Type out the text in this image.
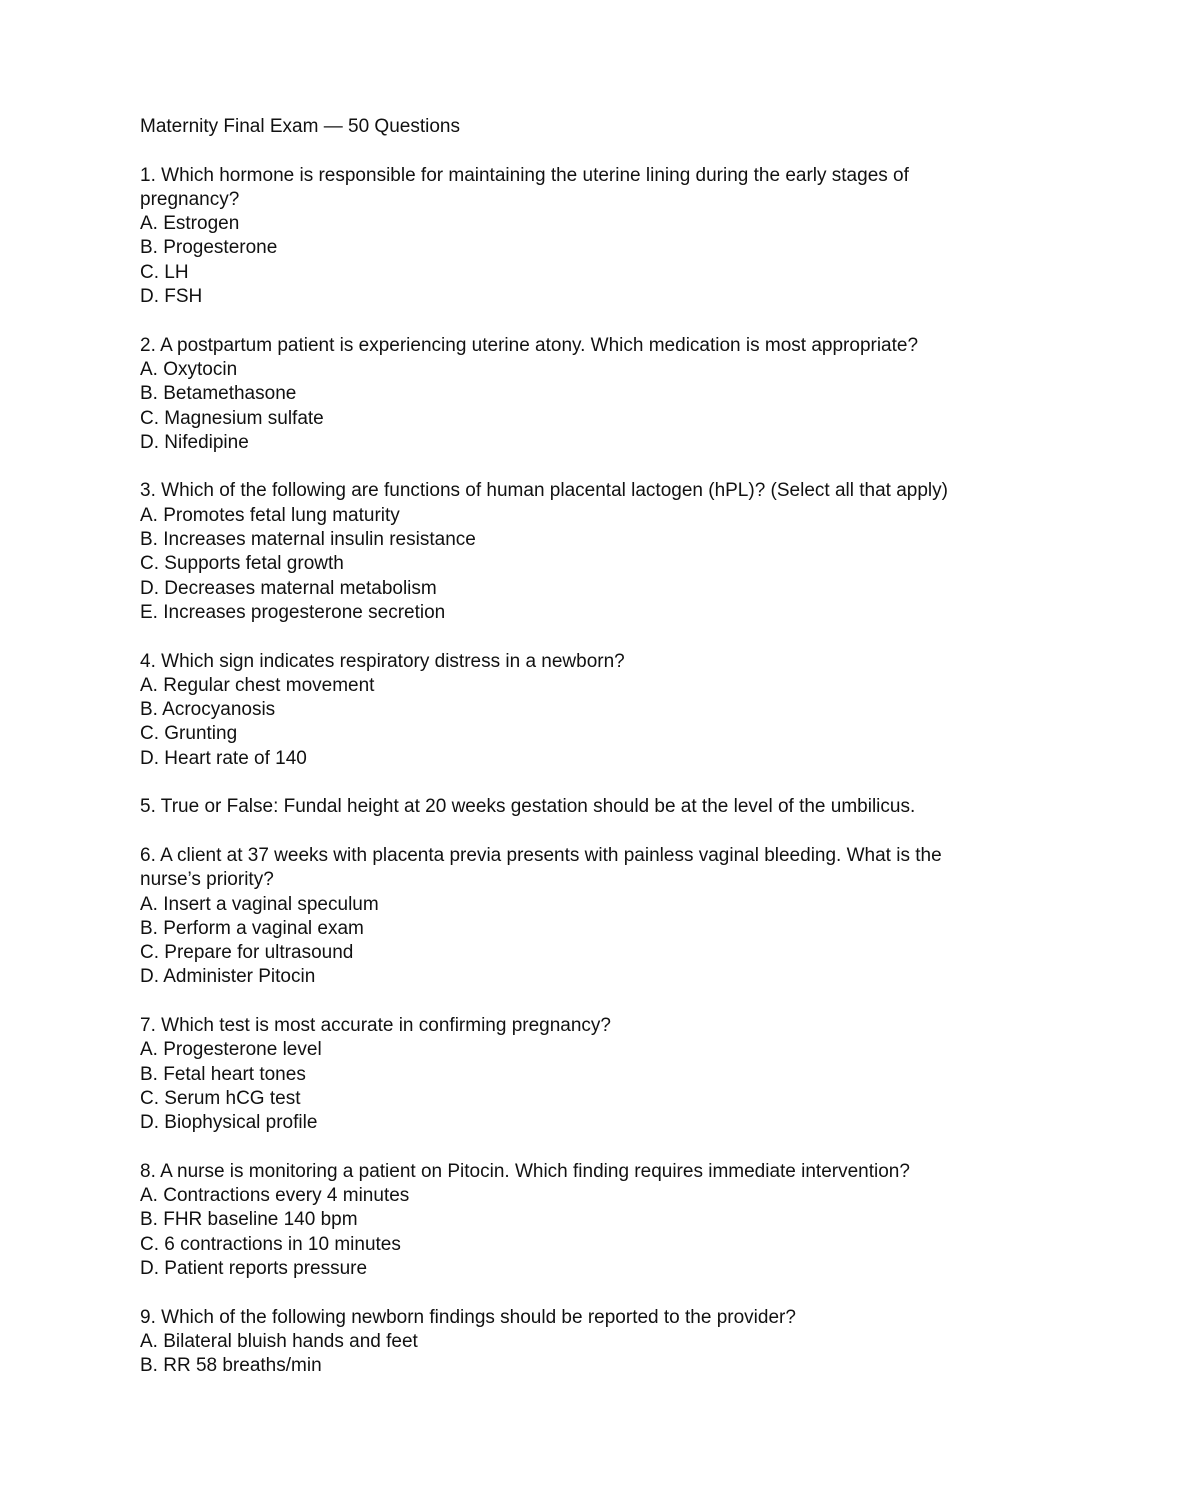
Maternity Final Exam — 50 Questions
1 . Which hormone is responsible for maintaining the uterine lining during the early stages of
pregnancy?
A. Estrogen
B. Progesterone
C. LH
D. FSH
2 . A postpartum patient is experiencing uterine atony. Which medication is most appropriate?
A. Oxytocin
B. Betamethasone
C. Magnesium sulfate
D. Nifedipine
3 . Which of the following are functions of human placental lactogen (hPL)? (Select all that apply)
A. Promotes fetal lung maturity
B. Increases maternal insulin resistance
C. Supports fetal growth
D. Decreases maternal metabolism
E. Increases progesterone secretion
4 . Which sign indicates respiratory distress in a newborn?
A. Regular chest movement
B. Acrocyanosis
C. Grunting
D. Heart rate of 140
5 . True or False: Fundal height at 20 weeks gestation should be at the level of the umbilicus.
6 . A client at 37 weeks with placenta previa presents with painless vaginal bleeding. What is the
nurse’s priority?
A. Insert a vaginal speculum
B. Perform a vaginal exam
C. Prepare for ultrasound
D. Administer Pitocin
7 . Which test is most accurate in confirming pregnancy?
A. Progesterone level
B. Fetal heart tones
C. Serum hCG test
D. Biophysical profile
8 . A nurse is monitoring a patient on Pitocin. Which finding requires immediate intervention?
A. Contractions every 4 minutes
B. FHR baseline 140 bpm
C. 6 contractions in 10 minutes
D. Patient reports pressure
9 . Which of the following newborn findings should be reported to the provider?
A. Bilateral bluish hands and feet
B. RR 58 breaths/min
